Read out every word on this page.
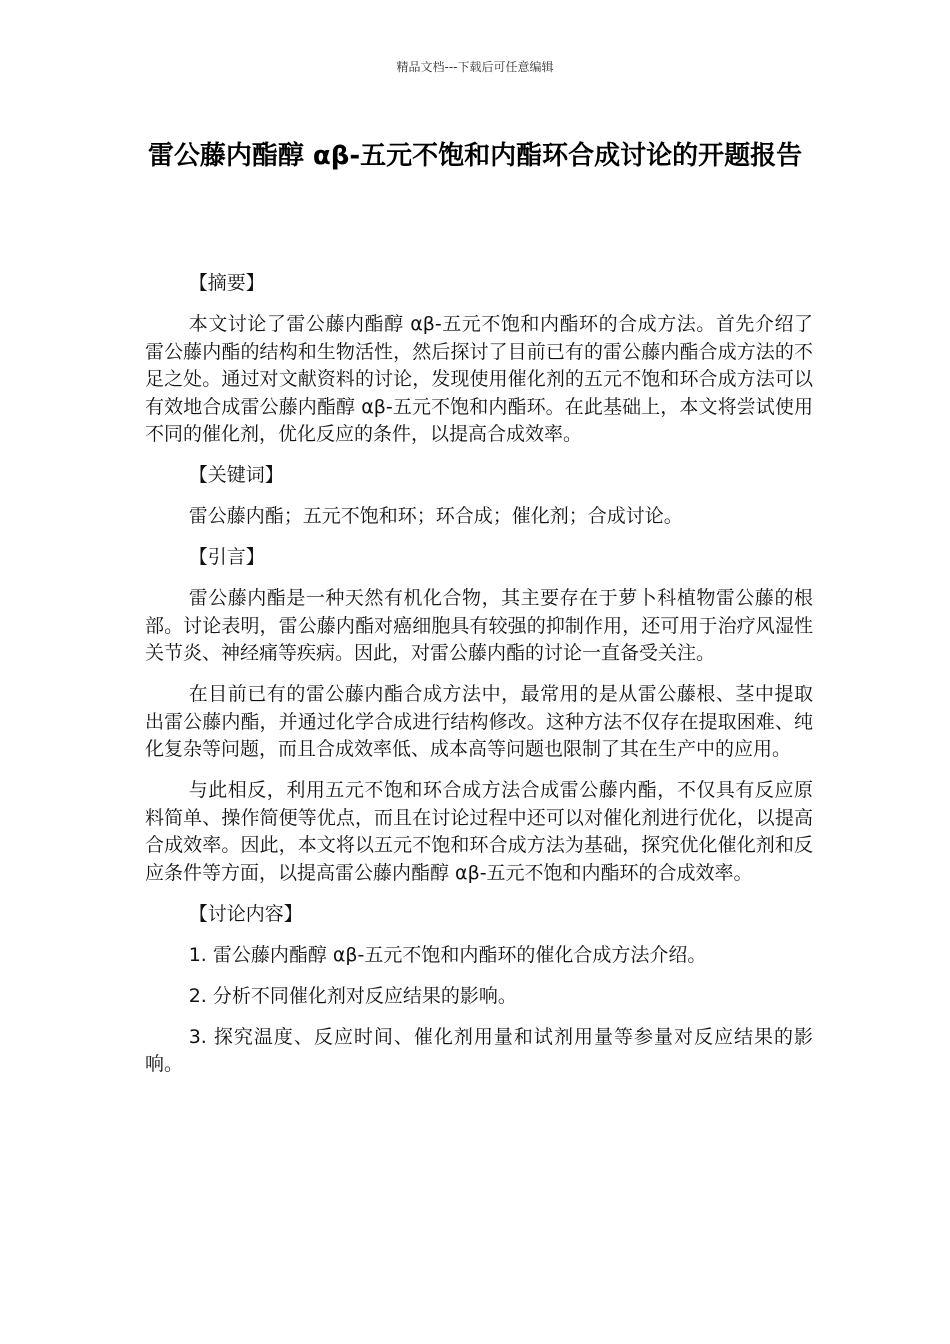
精品文档---下载后可任意编辑
雷公藤内酯醇 αβ-五元不饱和内酯环合成讨论的开题报告
【摘要】
本文讨论了雷公藤内酯醇 αβ-五元不饱和内酯环的合成方法。首先介绍了雷公藤内酯的结构和生物活性，然后探讨了目前已有的雷公藤内酯合成方法的不足之处。通过对文献资料的讨论，发现使用催化剂的五元不饱和环合成方法可以有效地合成雷公藤内酯醇 αβ-五元不饱和内酯环。在此基础上，本文将尝试使用不同的催化剂，优化反应的条件，以提高合成效率。
【关键词】
雷公藤内酯；五元不饱和环；环合成；催化剂；合成讨论。
【引言】
雷公藤内酯是一种天然有机化合物，其主要存在于萝卜科植物雷公藤的根部。讨论表明，雷公藤内酯对癌细胞具有较强的抑制作用，还可用于治疗风湿性关节炎、神经痛等疾病。因此，对雷公藤内酯的讨论一直备受关注。
在目前已有的雷公藤内酯合成方法中，最常用的是从雷公藤根、茎中提取出雷公藤内酯，并通过化学合成进行结构修改。这种方法不仅存在提取困难、纯化复杂等问题，而且合成效率低、成本高等问题也限制了其在生产中的应用。
与此相反，利用五元不饱和环合成方法合成雷公藤内酯，不仅具有反应原料简单、操作简便等优点，而且在讨论过程中还可以对催化剂进行优化，以提高合成效率。因此，本文将以五元不饱和环合成方法为基础，探究优化催化剂和反应条件等方面，以提高雷公藤内酯醇 αβ-五元不饱和内酯环的合成效率。
【讨论内容】
1. 雷公藤内酯醇 αβ-五元不饱和内酯环的催化合成方法介绍。
2. 分析不同催化剂对反应结果的影响。
3. 探究温度、反应时间、催化剂用量和试剂用量等参量对反应结果的影响。
